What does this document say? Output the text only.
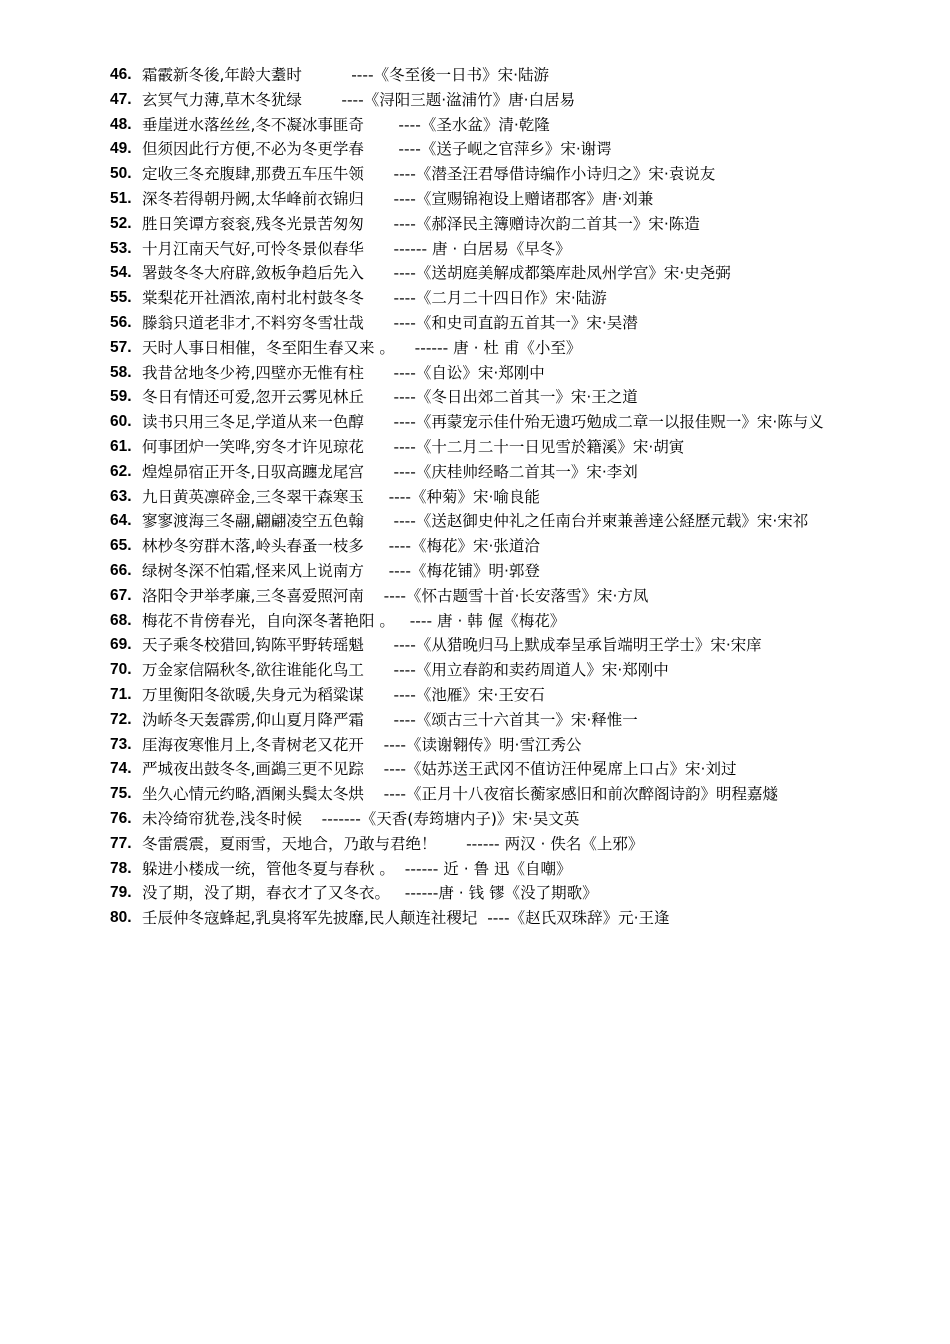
46. 霜霰新冬後,年龄大耋时          ----《冬至後一日书》宋·陆游
47. 玄冥气力薄,草木冬犹绿        ----《浔阳三题·湓浦竹》唐·白居易
48. 垂崖迸水落丝丝,冬不凝冰事匪奇       ----《圣水盆》清·乾隆
49. 但须因此行方便,不必为冬更学春       ----《送子岘之官萍乡》宋·谢谔
50. 定收三冬充腹肆,那费五车压牛领      ----《潜圣汪君辱借诗编作小诗归之》宋·袁说友
51. 深冬若得朝丹阙,太华峰前衣锦归      ----《宣赐锦袍设上赠诸郡客》唐·刘兼
52. 胜日笑谭方衮衮,残冬光景苦匆匆      ----《郝泽民主簿赠诗次韵二首其一》宋·陈造
53. 十月江南天气好,可怜冬景似春华      ------ 唐 · 白居易《早冬》
54. 署鼓冬冬大府辟,敛板争趋后先入      ----《送胡庭美解成都築库赴凤州学宫》宋·史尧弼
55. 棠梨花开社酒浓,南村北村鼓冬冬      ----《二月二十四日作》宋·陆游
56. 滕翁只道老非才,不料穷冬雪壮哉      ----《和史司直韵五首其一》宋·吴潜
57. 天时人事日相催，冬至阳生春又来 。    ------ 唐 · 杜 甫《小至》
58. 我昔岔地冬少袴,四壁亦无惟有柱      ----《自讼》宋·郑刚中
59. 冬日有情还可爱,忽开云雾见林丘      ----《冬日出郊二首其一》宋·王之道
60. 读书只用三冬足,学道从来一色醇      ----《再蒙宠示佳什殆无遗巧勉成二章一以报佳贶一》宋·陈与义
61. 何事团炉一笑哗,穷冬才许见琼花      ----《十二月二十一日见雪於籍溪》宋·胡寅
62. 煌煌昴宿正开冬,日驭高躔龙尾宫      ----《庆桂帅经略二首其一》宋·李刘
63. 九日黄英凛碎金,三冬翠干森寒玉     ----《种菊》宋·喻良能
64. 寥寥渡海三冬翮,翩翩凌空五色翰      ----《送赵御史仲礼之任南台并柬兼善達公経歷元载》宋·宋祁
65. 林杪冬穷群木落,岭头春蚤一枝多     ----《梅花》宋·张道洽
66. 绿树冬深不怕霜,怪来风上说南方     ----《梅花铺》明·郭登
67. 洛阳令尹举孝廉,三冬喜爱照河南    ----《怀古题雪十首·长安落雪》宋·方凤
68. 梅花不肯傍春光，自向深冬著艳阳 。   ---- 唐 · 韩 偓《梅花》
69. 天子乘冬校猎回,钩陈平野转瑶魁      ----《从猎晚归马上默成奉呈承旨端明王学士》宋·宋庠
70. 万金家信隔秋冬,欲往谁能化鸟工      ----《用立春韵和卖药周道人》宋·郑刚中
71. 万里衡阳冬欲暖,失身元为稻粱谋      ----《池雁》宋·王安石
72. 沩峤冬天轰霹雳,仰山夏月降严霜      ----《颂古三十六首其一》宋·释惟一
73. 厓海夜寒惟月上,冬青树老又花开    ----《读谢翱传》明·雪江秀公
74. 严城夜出鼓冬冬,画鷁三更不见踪    ----《姑苏送王武冈不值访汪仲冕席上口占》宋·刘过
75. 坐久心情元约略,酒阑头鬓太冬烘    ----《正月十八夜宿长蘅家感旧和前次醉阁诗韵》明程嘉燧
76. 未冷绮帘犹卷,浅冬时候    -------《天香(寿筠塘内子)》宋·吴文英
77. 冬雷震震，夏雨雪，天地合，乃敢与君绝！      ------ 两汉 · 佚名《上邪》
78. 躲进小楼成一统，管他冬夏与春秋 。  ------ 近 · 鲁 迅《自嘲》
79. 没了期，没了期，春衣才了又冬衣。   ------唐 · 钱 镠《没了期歌》
80. 壬辰仲冬寇蜂起,乳臭将军先披靡,民人颠连社稷圮  ----《赵氏双珠辞》元·王逢
